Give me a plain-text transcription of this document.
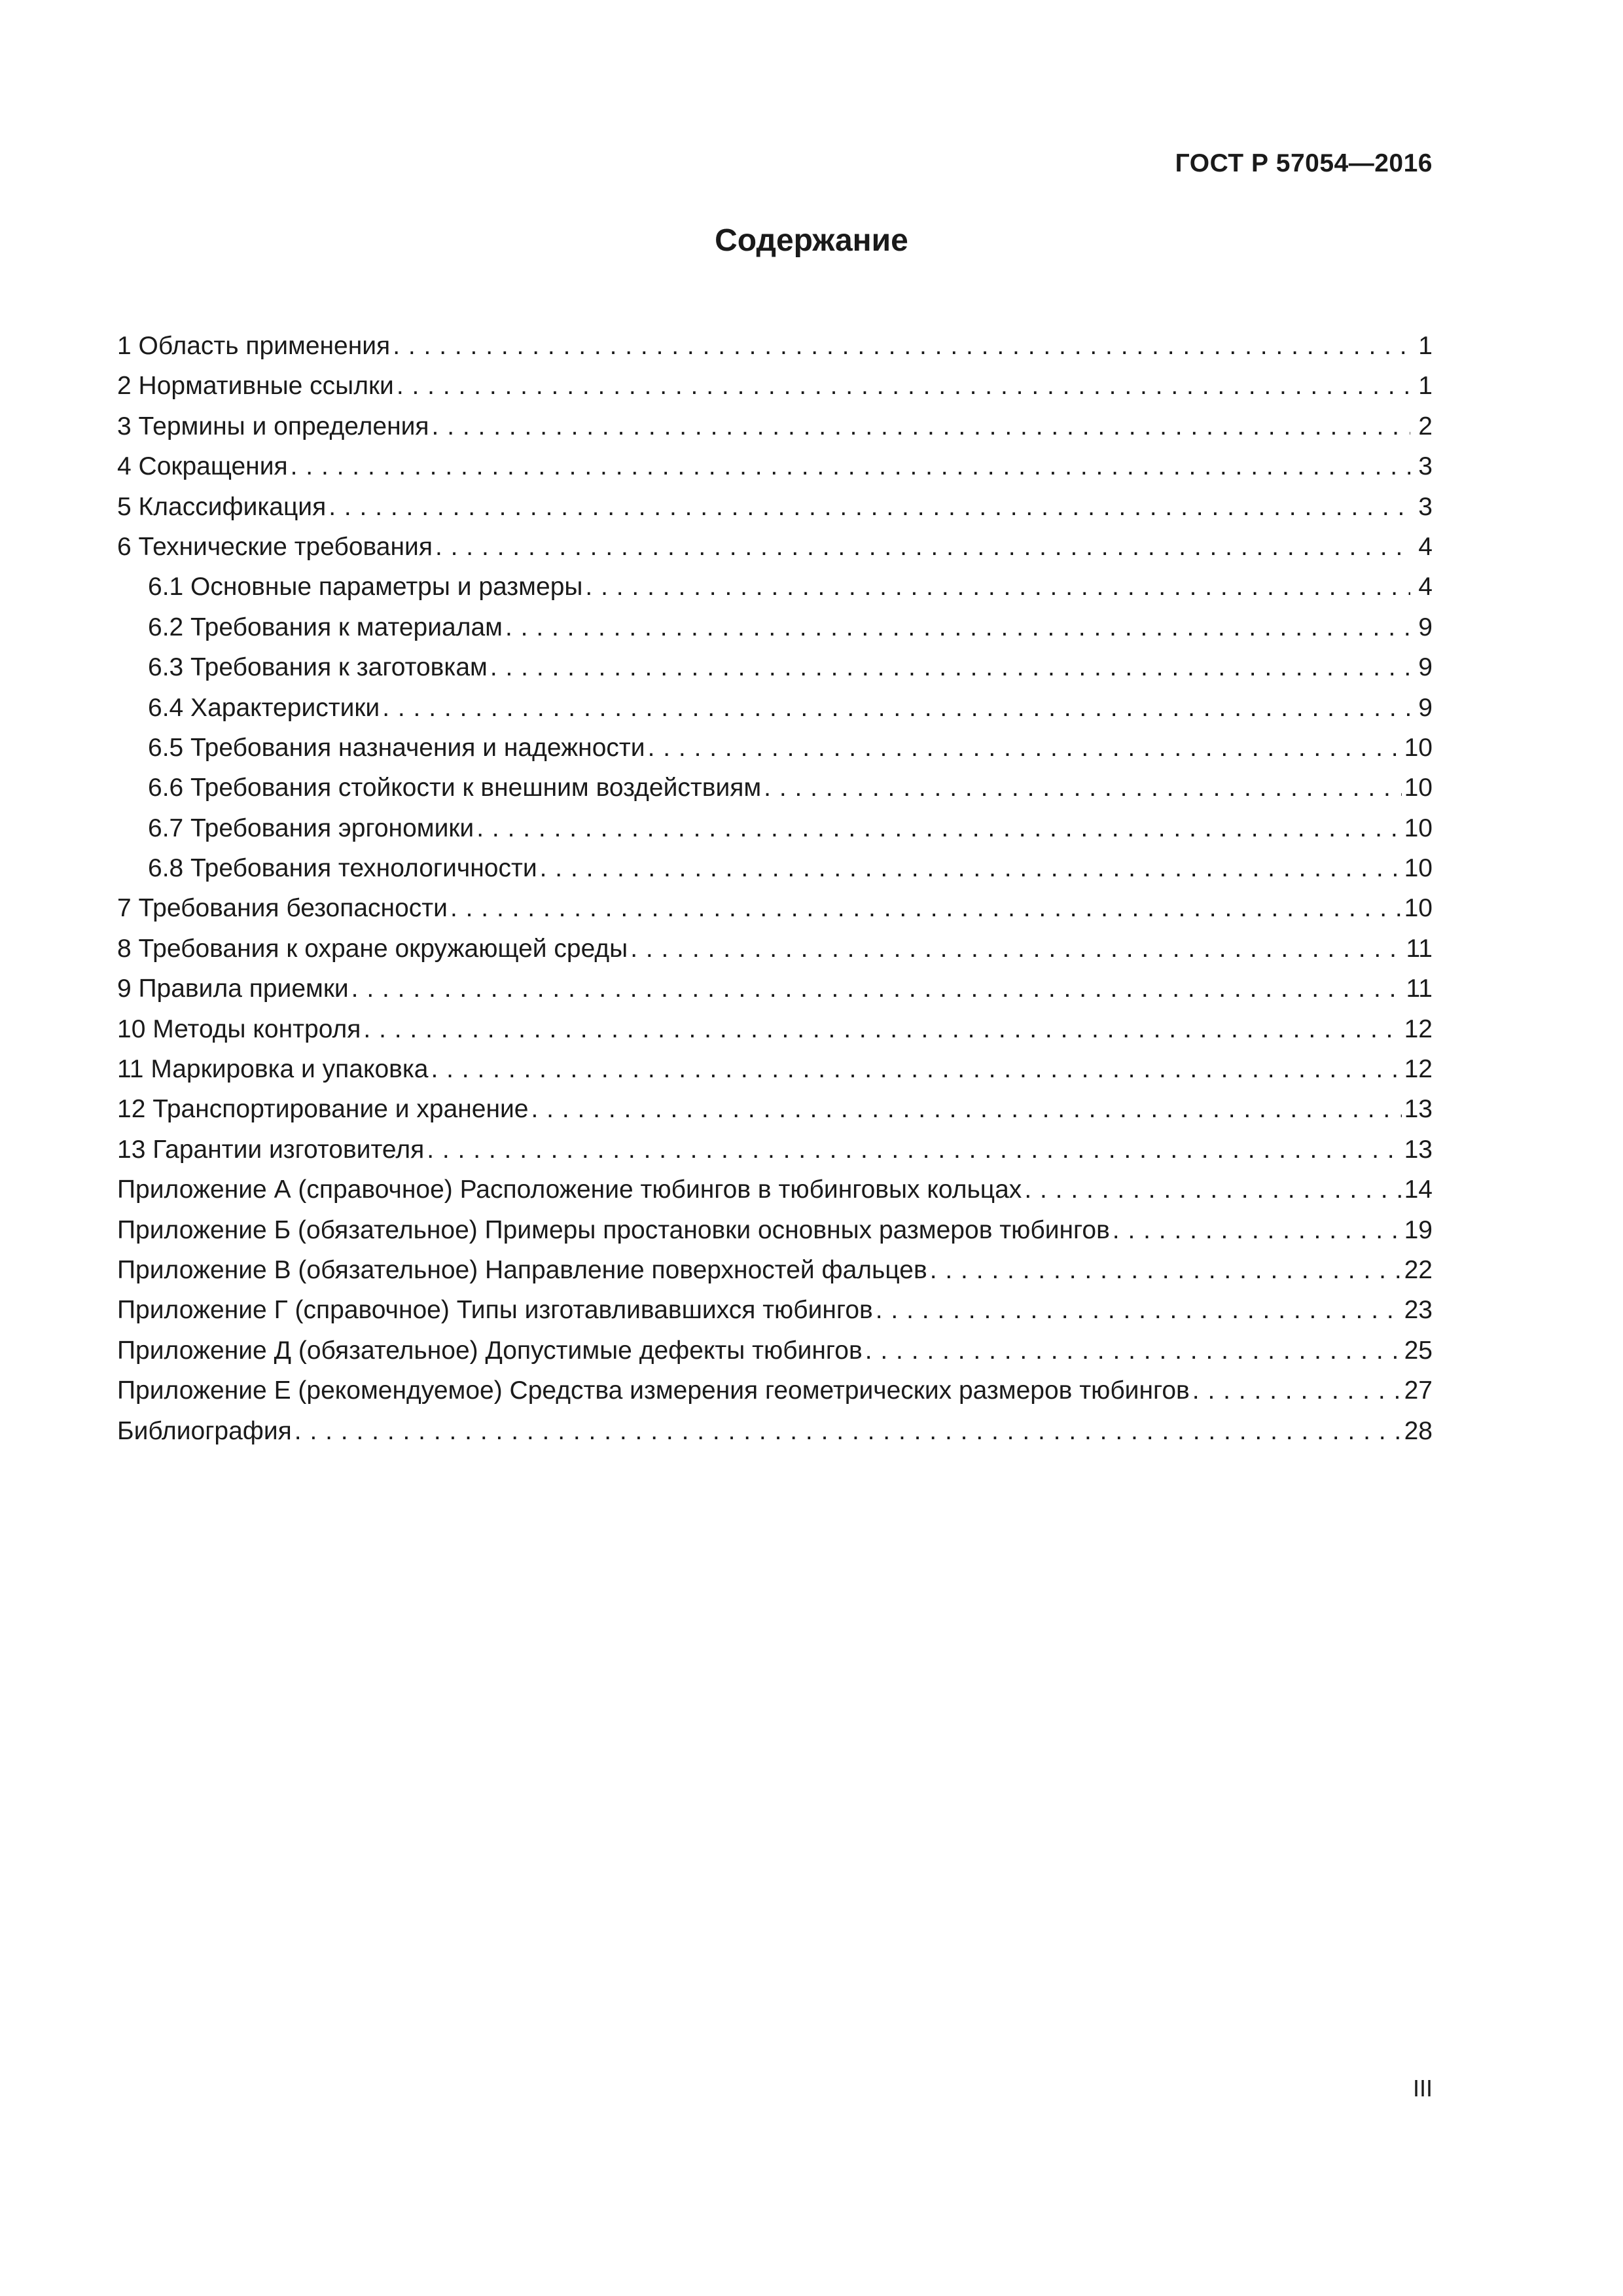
ГОСТ Р 57054—2016
Содержание
1 Область применения . . .	1
2 Нормативные ссылки . . .	1
3 Термины и определения . . .	2
4 Сокращения . . .	3
5 Классификация . . .	3
6 Технические требования . . .	4
6.1 Основные параметры и размеры . . .	4
6.2 Требования к материалам . . .	9
6.3 Требования к заготовкам . . .	9
6.4 Характеристики . . .	9
6.5 Требования назначения и надежности . . .	10
6.6 Требования стойкости к внешним воздействиям . . .	10
6.7 Требования эргономики . . .	10
6.8 Требования технологичности . . .	10
7 Требования безопасности . . .	10
8 Требования к охране окружающей среды . . .	11
9 Правила приемки . . .	11
10 Методы контроля . . .	12
11 Маркировка и упаковка . . .	12
12 Транспортирование и хранение . . .	13
13 Гарантии изготовителя . . .	13
Приложение А (справочное) Расположение тюбингов в тюбинговых кольцах . . .	14
Приложение Б (обязательное) Примеры простановки основных размеров тюбингов . . .	19
Приложение В (обязательное) Направление поверхностей фальцев . . .	22
Приложение Г (справочное) Типы изготавливавшихся тюбингов . . .	23
Приложение Д (обязательное) Допустимые дефекты тюбингов . . .	25
Приложение Е (рекомендуемое) Средства измерения геометрических размеров тюбингов . . .	27
Библиография . . .	28
III
